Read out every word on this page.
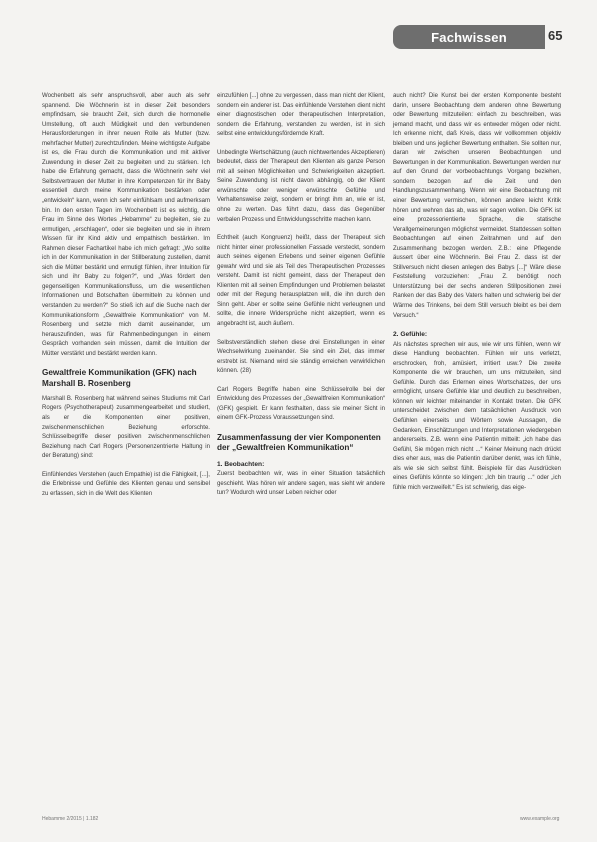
Fachwissen	65

Wochenbett als sehr anspruchsvoll, aber auch als sehr spannend. Die Wöchnerin ist in dieser Zeit besonders empfindsam, sie braucht Zeit, sich durch die hormonelle Umstellung, oft auch Müdigkeit und den verbundenen Herausforderungen in ihrer neuen Rolle als Mutter (bzw. mehrfacher Mutter) zurechtzufinden. Meine wichtigste Aufgabe ist es, die Frau durch die Kommunikation und mit aktiver Zuwendung in dieser Zeit zu begleiten und zu stärken. Ich habe die Erfahrung gemacht, dass die Wöchnerin sehr viel Selbstvertrauen der Mutter in ihre Kompetenzen für ihr Baby essentiell durch meine Kommunikation bestärken oder „entwickeln“ kann, wenn ich sehr einfühlsam und aufmerksam bin. In den ersten Tagen im Wochenbett ist es wichtig, die Frau im Sinne des Wortes „Hebamme“ zu begleiten, sie zu ermutigen, „erschlagen“, oder sie begleiten und sie in ihrem Wissen für ihr Kind aktiv und empathisch bestärken. Im Rahmen dieser Fachartikel habe ich mich gefragt: „Wo sollte ich in der Kommunikation in der Stillberatung zustellen, damit sich die Mütter bestärkt und ermutigt fühlen, ihrer Intuition für sich und ihr Baby zu folgen?“, und „Was fördert den gegenseitigen Kommunikationsfluss, um die wesentlichen Informationen und Botschaften übermitteln zu können und verstanden zu werden?“ So stieß ich auf die Suche nach der Kommunikationsform „Gewaltfreie Kommunikation“ von M. Rosenberg und setzte mich damit auseinander, um herauszufinden, was für Rahmenbedingungen in einem Gespräch vorhanden sein müssen, damit die Intuition der Mütter verstärkt und bestärkt werden kann.

Gewaltfreie Kommunikation (GFK) nach Marshall B. Rosenberg

Marshall B. Rosenberg hat während seines Studiums mit Carl Rogers (Psychotherapeut) zusammengearbeitet und studiert, als er die Komponenten einer positiven, zwischenmenschlichen Beziehung erforschte. Schlüsselbegriffe dieser positiven zwischenmenschlichen Beziehung nach Carl Rogers (Personenzentrierte Haltung in der Beratung) sind:

Einfühlendes Verstehen (auch Empathie) ist die Fähigkeit, [...], die Erlebnisse und Gefühle des Klienten genau und sensibel zu erfassen, sich in die Welt des Klienten

einzufühlen [...] ohne zu vergessen, dass man nicht der Klient, sondern ein anderer ist. Das einfühlende Verstehen dient nicht einer diagnostischen oder therapeutischen Interpretation, sondern die Erfahrung, verstanden zu werden, ist in sich selbst eine entwicklungsfördernde Kraft.

Unbedingte Wertschätzung (auch nichtwertendes Akzeptieren) bedeutet, dass der Therapeut den Klienten als ganze Person mit all seinen Möglichkeiten und Schwierigkeiten akzeptiert. Seine Zuwendung ist nicht davon abhängig, ob der Klient erwünschte oder weniger erwünschte Gefühle und Verhaltensweise zeigt, sondern er bringt ihm an, wie er ist, ohne zu werten. Das führt dazu, dass das Gegenüber verbalen Prozess und Entwicklungsschritte machen kann.

Echtheit (auch Kongruenz) heißt, dass der Therapeut sich nicht hinter einer professionellen Fassade versteckt, sondern auch seines eigenen Erlebens und seiner eigenen Gefühle gewahr wird und sie als Teil des Therapeutischen Prozesses versteht. Damit ist nicht gemeint, dass der Therapeut den Klienten mit all seinen Empfindungen und Problemen belastet oder mit der Regung herausplatzen will, die ihn durch den Sinn geht. Aber er sollte seine Gefühle nicht verleugnen und sollte, die innere Widersprüche nicht akzeptiert, wenn es angebracht ist, auch äußern.

Selbstverständlich stehen diese drei Einstellungen in einer Wechselwirkung zueinander. Sie sind ein Ziel, das immer erstrebt ist. Niemand wird sie ständig erreichen verwirklichen können. (28)

Carl Rogers Begriffe haben eine Schlüsselrolle bei der Entwicklung des Prozesses der „Gewaltfreien Kommunikation“ (GFK) gespielt. Er kann festhalten, dass sie meiner Sicht in einem GFK-Prozess Voraussetzungen sind.

Zusammenfassung der vier Komponenten der „Gewaltfreien Kommunikation“
1. Beobachten:

Zuerst beobachten wir, was in einer Situation tatsächlich geschieht. Was hören wir andere sagen, was sieht wir andere tun? Wodurch wird unser Leben reicher oder

auch nicht? Die Kunst bei der ersten Komponente besteht darin, unsere Beobachtung dem anderen ohne Bewertung oder Bewertung mitzuteilen: einfach zu beschreiben, was jemand macht, und dass wir es entweder mögen oder nicht. Ich erkenne nicht, daß Kreis, dass wir vollkommen objektiv bleiben und uns jeglicher Bewertung enthalten. Sie sollten nur, daran wir zwischen unseren Beobachtungen und Bewertungen in der Kommunikation. Bewertungen werden nur auf den Grund der vorbeobachtungs Vorgang beziehen, sondern bezogen auf die Zeit und den Handlungszusammenhang. Wenn wir eine Beobachtung mit einer Bewertung vermischen, können andere leicht Kritik hören und wehren das ab, was wir sagen wollen. Die GFK ist eine prozessorientierte Sprache, die statische Verallgemeinerungen möglichst vermeidet. Stattdessen sollten Beobachtungen auf einen Zeitrahmen und auf den Zusammenhang bezogen werden. Z.B.: eine Pflegende äussert über eine Wöchnerin. Bei Frau Z. dass ist der Stillversuch nicht diesen anlegen des Babys [...]“ Wäre diese Feststellung vorzuziehen: „Frau Z. benötigt noch Unterstützung bei der sechs anderen Stillpositionen zwei Ranken der das Baby des Vaters halten und schwierig bei der Wärme des Trinkens, bei dem Still versuch bleibt es bei dem Versuch.“

2. Gefühle:

Als nächstes sprechen wir aus, wie wir uns fühlen, wenn wir diese Handlung beobachten. Fühlen wir uns verletzt, erschrocken, froh, amüsiert, irritiert usw.? Die zweite Komponente die wir brauchen, um uns mitzuteilen, sind Gefühle. Durch das Erlernen eines Wortschatzes, der uns ermöglicht, unsere Gefühle klar und deutlich zu beschreiben, können wir leichter miteinander in Kontakt treten. Die GFK unterscheidet zwischen dem tatsächlichen Ausdruck von Gefühlen einerseits und Wörtern sowie Aussagen, die Gedanken, Einschätzungen und Interpretationen wiedergeben andererseits. Z.B. wenn eine Patientin mitteilt: „ich habe das Gefühl, Sie mögen mich nicht ...“ Keiner Meinung nach drückt dies eher aus, was die Patientin darüber denkt, was ich fühle, als wie sie sich selbst fühlt. Beispiele für das Ausdrücken eines Gefühls könnte so klingen: „Ich bin traurig ...“ oder „ich fühle mich verzweifelt.“ Es ist schwierig, das eige-

Hebamme 2/2015 | 1.182	www.example.org
